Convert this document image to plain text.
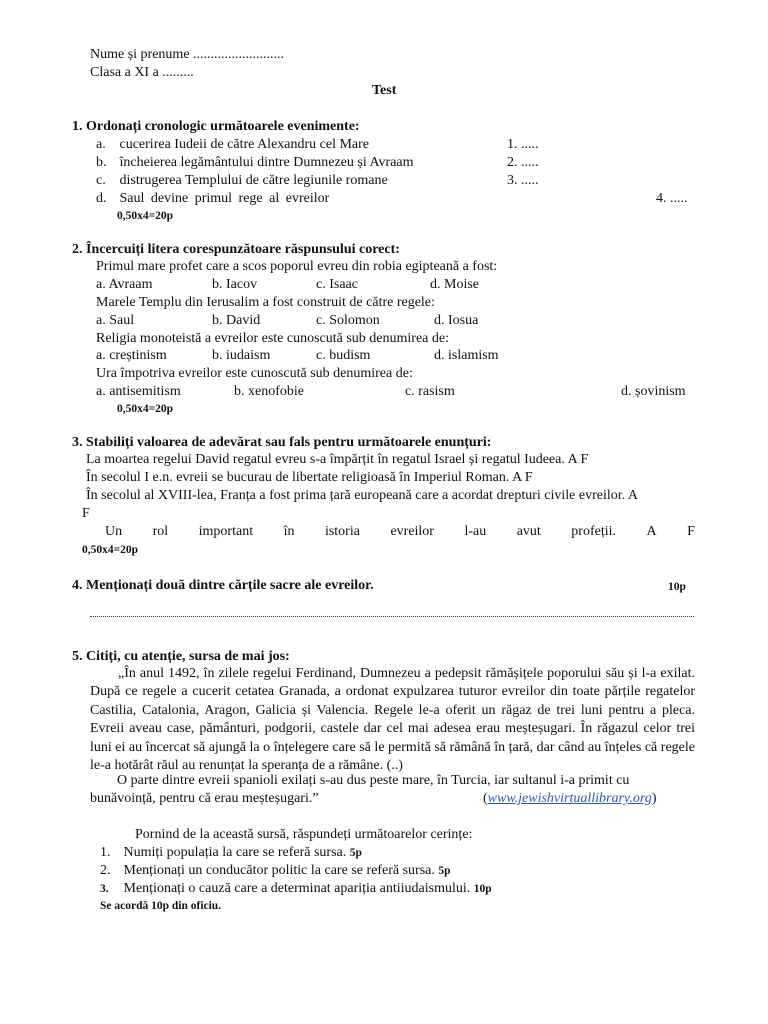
Nume și prenume ..........................
Clasa a XI a .........
Test
1. Ordonați cronologic următoarele evenimente:
a. cucerirea Iudeii de către Alexandru cel Mare	1. .....
b. încheierea legământului dintre Dumnezeu și Avraam	2. .....
c. distrugerea Templului de către legiunile romane	3. .....
d. Saul devine primul rege al evreilor	4. .....
0,50x4=20p
2. Încercuiți litera corespunzătoare răspunsului corect:
Primul mare profet care a scos poporul evreu din robia egipteană a fost:
a. Avraam	b. Iacov	c. Isaac	d. Moise
Marele Templu din Ierusalim a fost construit de către regele:
a. Saul	b. David	c. Solomon	d. Iosua
Religia monoteistă a evreilor este cunoscută sub denumirea de:
a. creștinism	b. iudaism	c. budism	d. islamism
Ura împotriva evreilor este cunoscută sub denumirea de:
a. antisemitism	b. xenofobie	c. rasism	d. șovinism
0,50x4=20p
3. Stabiliți valoarea de adevărat sau fals pentru următoarele enunțuri:
La moartea regelui David regatul evreu s-a împărțit în regatul Israel și regatul Iudeea. A F
În secolul I e.n. evreii se bucurau de libertate religioasă în Imperiul Roman. A F
În secolul al XVIII-lea, Franța a fost prima țară europeană care a acordat drepturi civile evreilor. A
F
Un rol important în istoria evreilor l-au avut profeții. A F
0,50x4=20p
4. Menționați două dintre cărțile sacre ale evreilor.	10p
5. Citiți, cu atenție, sursa de mai jos:
„În anul 1492, în zilele regelui Ferdinand, Dumnezeu a pedepsit rămășițele poporului său și l-a exilat. După ce regele a cucerit cetatea Granada, a ordonat expulzarea tuturor evreilor din toate părțile regatelor Castilia, Catalonia, Aragon, Galicia și Valencia. Regele le-a oferit un răgaz de trei luni pentru a pleca. Evreii aveau case, pământuri, podgorii, castele dar cel mai adesea erau meșteșugari. În răgazul celor trei luni ei au încercat să ajungă la o înțelegere care să le permită să rămână în țară, dar când au înțeles că regele le-a hotărât răul au renunțat la speranța de a rămâne. (..)
O parte dintre evreii spanioli exilați s-au dus peste mare, în Turcia, iar sultanul i-a primit cu bunăvoință, pentru că erau meșteșugari.”	(www.jewishvirtuallibrary.org)
Pornind de la această sursă, răspundeți următoarelor cerințe:
1. Numiți populația la care se referă sursa. 5p
2. Menționați un conducător politic la care se referă sursa. 5p
3. Menționați o cauză care a determinat apariția antiiudaismului. 10p
Se acordă 10p din oficiu.
